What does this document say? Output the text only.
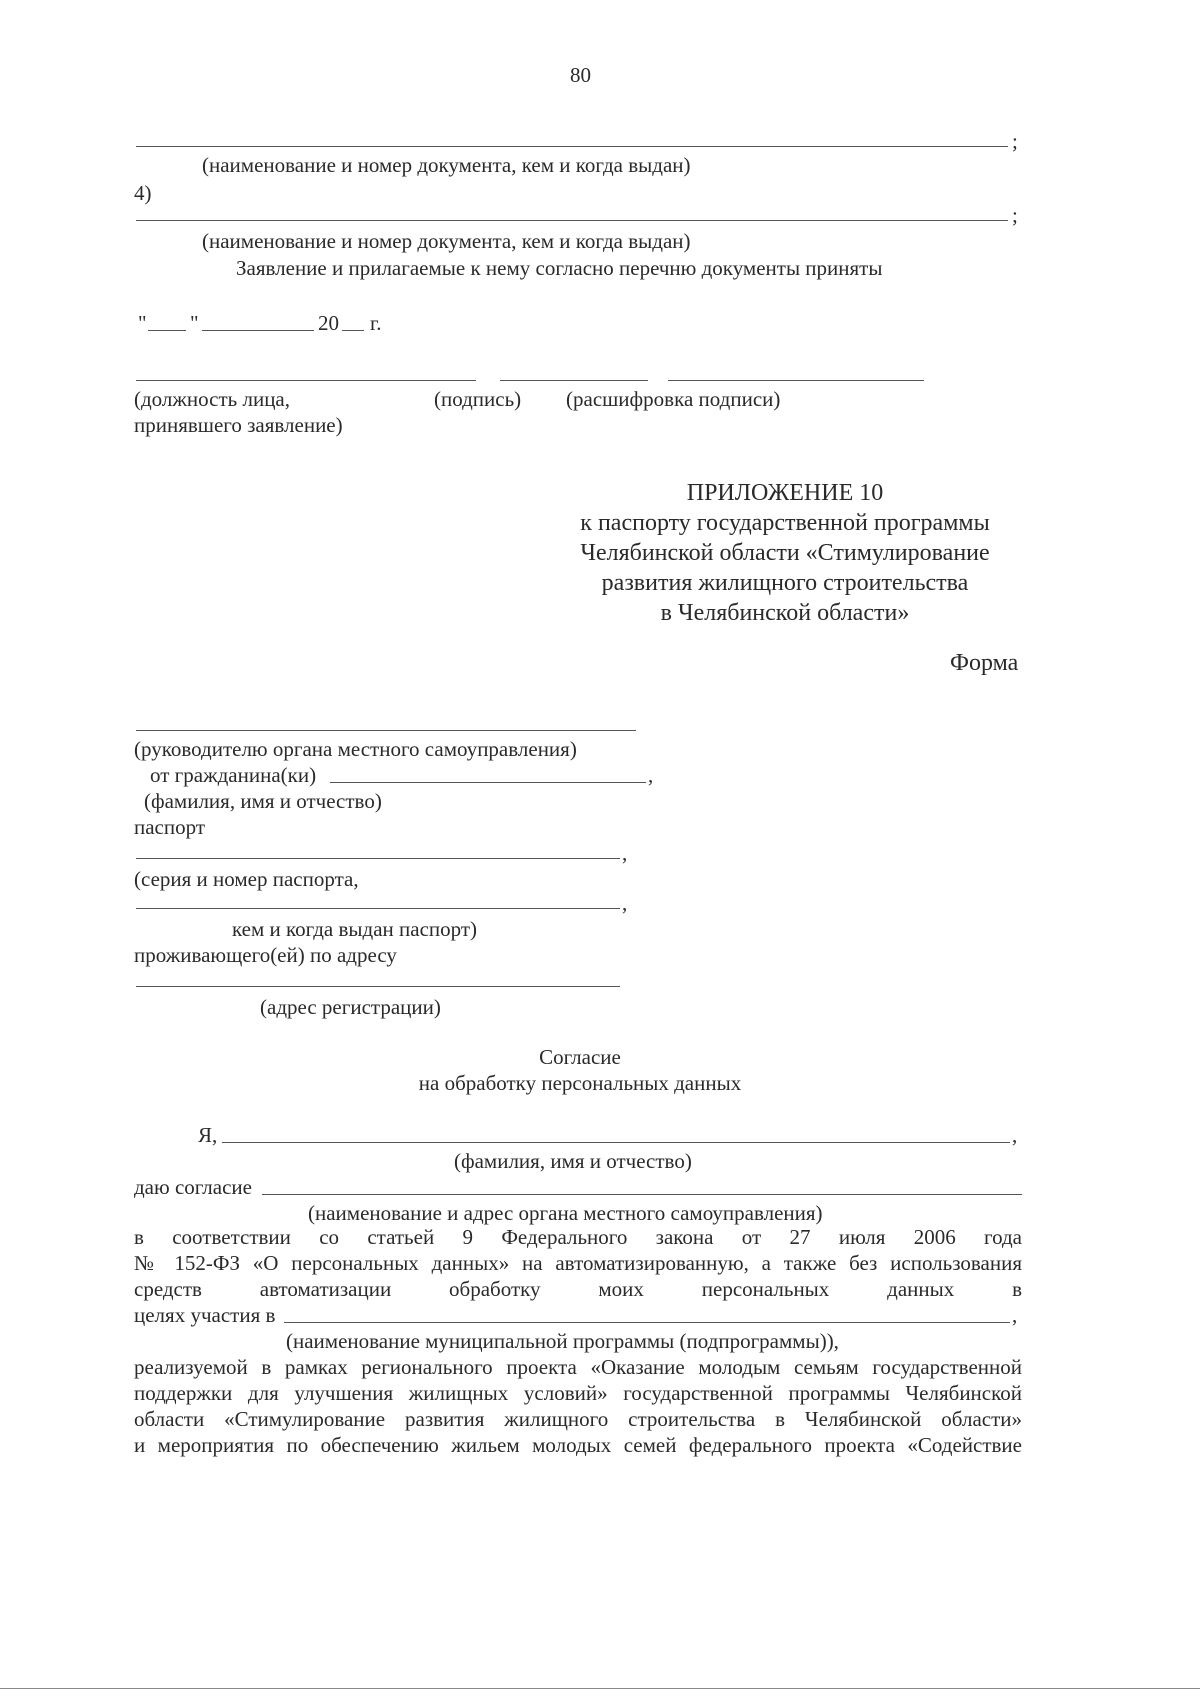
80
;
(наименование и номер документа, кем и когда выдан)
4)
;
(наименование и номер документа, кем и когда выдан)
Заявление и прилагаемые к нему согласно перечню документы приняты
" "	20 г.
(должность лица,
принявшего заявление)
(подпись) (расшифровка подписи)
ПРИЛОЖЕНИЕ 10
к паспорту государственной программы
Челябинской области «Стимулирование
развития жилищного строительства
в Челябинской области»
Форма
(руководителю органа местного самоуправления)
от гражданина(ки)	,
(фамилия, имя и отчество)
паспорт
,
(серия и номер паспорта,
,
кем и когда выдан паспорт)
проживающего(ей) по адресу
(адрес регистрации)
Согласие
на обработку персональных данных
Я,	,
(фамилия, имя и отчество)
даю согласие
(наименование и адрес органа местного самоуправления)
в соответствии со статьей 9 Федерального закона от 27 июля 2006 года
№ 152-ФЗ «О персональных данных» на автоматизированную, а также без использования
средств автоматизации обработку моих персональных данных в
целях участия в	,
(наименование муниципальной программы (подпрограммы)),
реализуемой в рамках регионального проекта «Оказание молодым семьям государственной
поддержки для улучшения жилищных условий» государственной программы Челябинской
области «Стимулирование развития жилищного строительства в Челябинской области»
и мероприятия по обеспечению жильем молодых семей федерального проекта «Содействие
